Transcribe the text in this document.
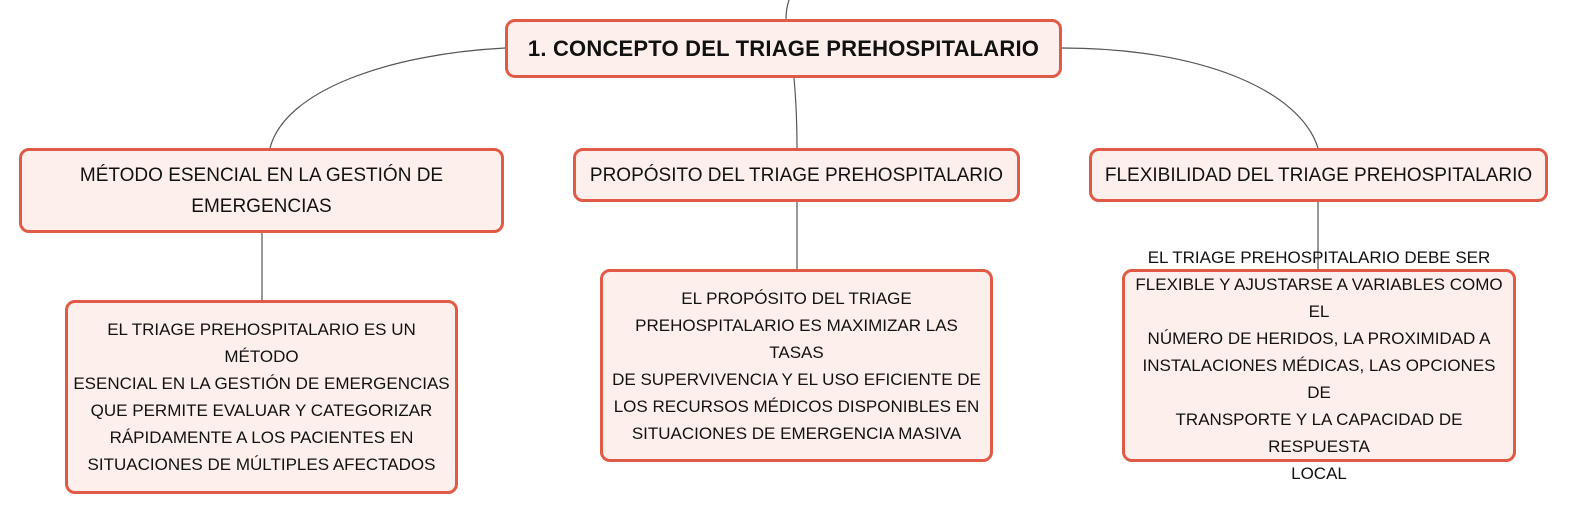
1. CONCEPTO DEL TRIAGE PREHOSPITALARIO
MÉTODO ESENCIAL EN LA GESTIÓN DE
EMERGENCIAS
PROPÓSITO DEL TRIAGE PREHOSPITALARIO	FLEXIBILIDAD DEL TRIAGE PREHOSPITALARIO
EL TRIAGE PREHOSPITALARIO ES UN MÉTODO
ESENCIAL EN LA GESTIÓN DE EMERGENCIAS
QUE PERMITE EVALUAR Y CATEGORIZAR
RÁPIDAMENTE A LOS PACIENTES EN
SITUACIONES DE MÚLTIPLES AFECTADOS
EL PROPÓSITO DEL TRIAGE
PREHOSPITALARIO ES MAXIMIZAR LAS TASAS
DE SUPERVIVENCIA Y EL USO EFICIENTE DE
LOS RECURSOS MÉDICOS DISPONIBLES EN
SITUACIONES DE EMERGENCIA MASIVA
EL TRIAGE PREHOSPITALARIO DEBE SER
FLEXIBLE Y AJUSTARSE A VARIABLES COMO EL
NÚMERO DE HERIDOS, LA PROXIMIDAD A
INSTALACIONES MÉDICAS, LAS OPCIONES DE
TRANSPORTE Y LA CAPACIDAD DE RESPUESTA
LOCAL
